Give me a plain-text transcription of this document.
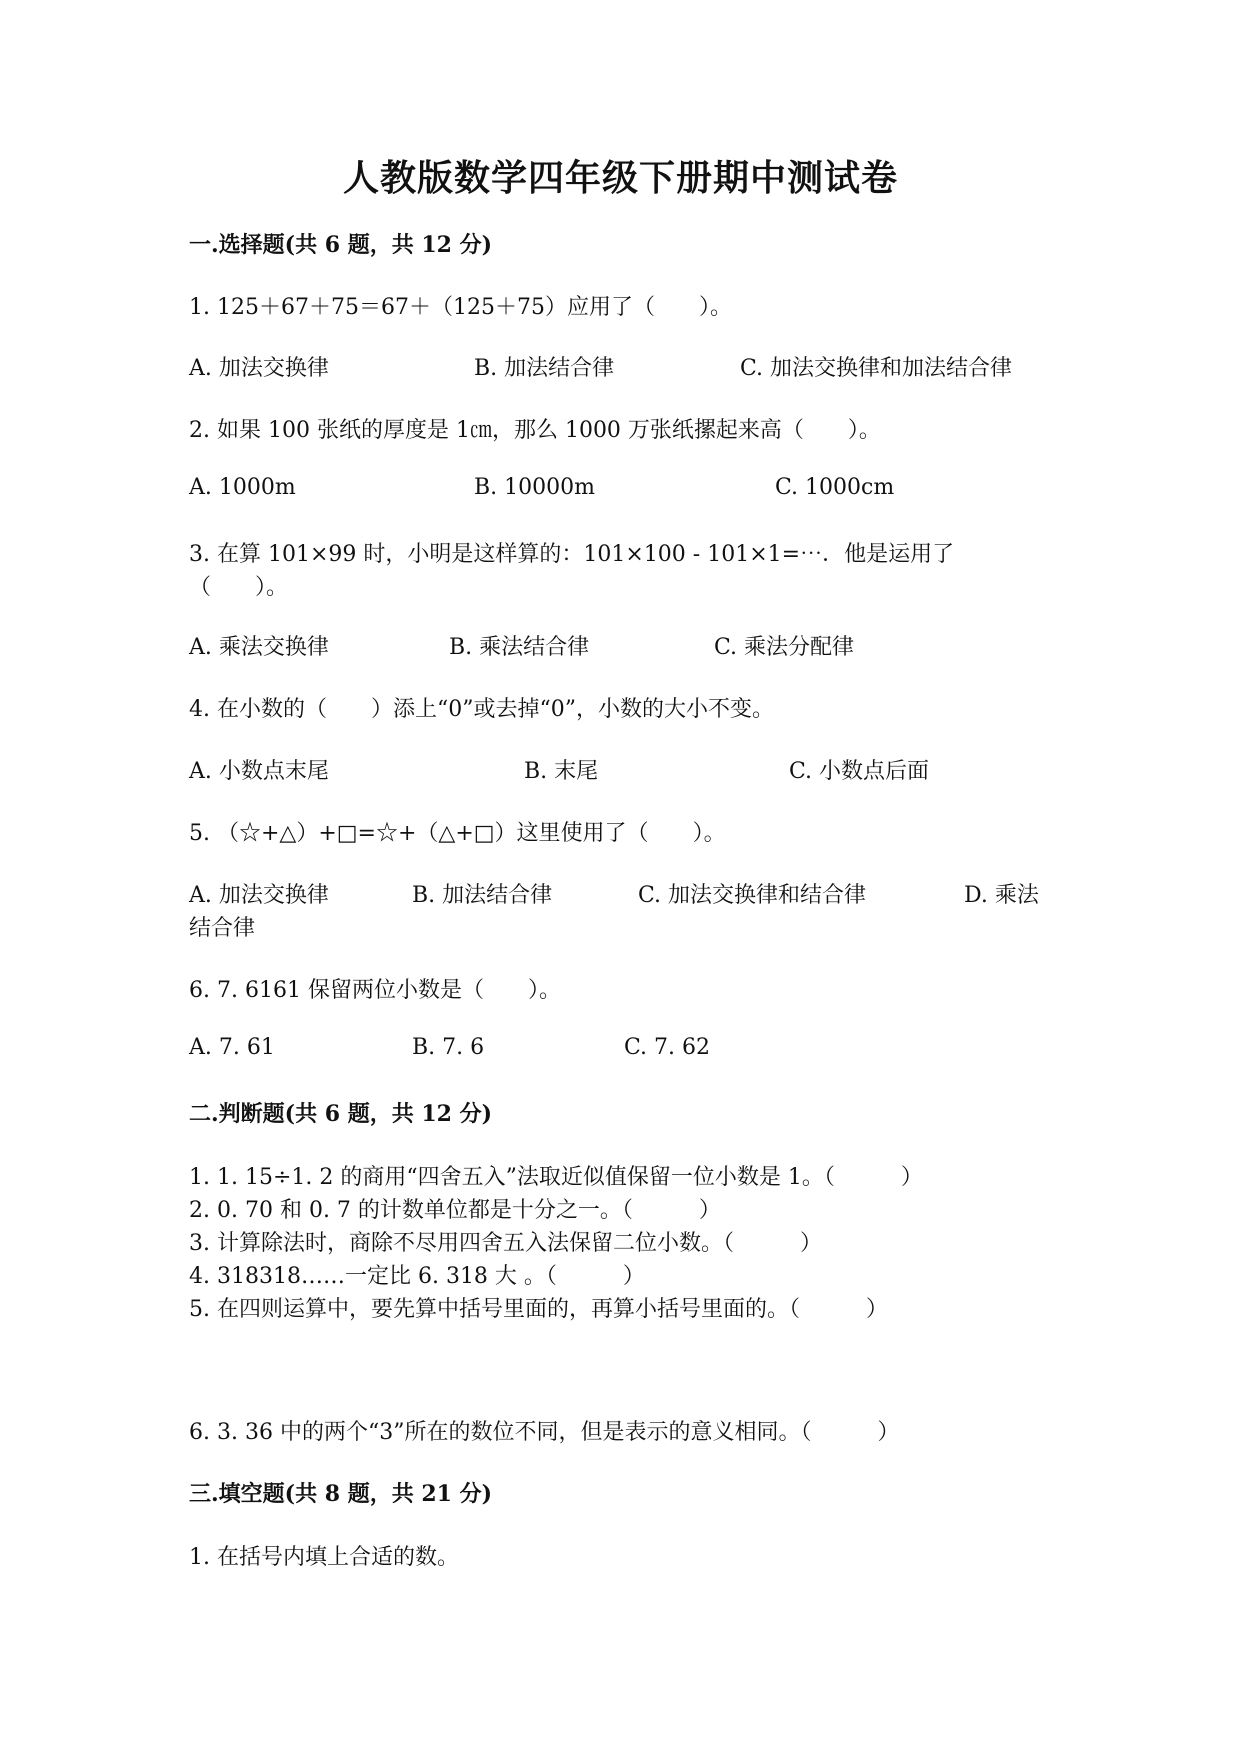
人教版数学四年级下册期中测试卷
一.选择题(共 6 题，共 12 分)
1. 125＋67＋75＝67＋（125＋75）应用了（　　）。
A. 加法交换律	B. 加法结合律	C. 加法交换律和加法结合律
2. 如果 100 张纸的厚度是 1㎝，那么 1000 万张纸摞起来高（　　）。
A. 1000m	B. 10000m	C. 1000cm
3. 在算 101×99 时，小明是这样算的：101×100 - 101×1=⋯．他是运用了
（　　）。
A. 乘法交换律	B. 乘法结合律	C. 乘法分配律
4. 在小数的（　　）添上“0”或去掉“0”，小数的大小不变。
A. 小数点末尾	B. 末尾	C. 小数点后面
5. （☆+△）+□=☆+（△+□）这里使用了（　　）。
A. 加法交换律	B. 加法结合律	C. 加法交换律和结合律	D. 乘法
结合律
6. 7. 6161 保留两位小数是（　　）。
A. 7. 61	B. 7. 6	C. 7. 62
二.判断题(共 6 题，共 12 分)
1. 1. 15÷1. 2 的商用“四舍五入”法取近似值保留一位小数是 1。（　　　）
2. 0. 70 和 0. 7 的计数单位都是十分之一。（　　　）
3. 计算除法时，商除不尽用四舍五入法保留二位小数。（　　　）
4. 318318……一定比 6. 318 大 。（　　　）
5. 在四则运算中，要先算中括号里面的，再算小括号里面的。（　　　）
6. 3. 36 中的两个“3”所在的数位不同，但是表示的意义相同。（　　　）
三.填空题(共 8 题，共 21 分)
1. 在括号内填上合适的数。
